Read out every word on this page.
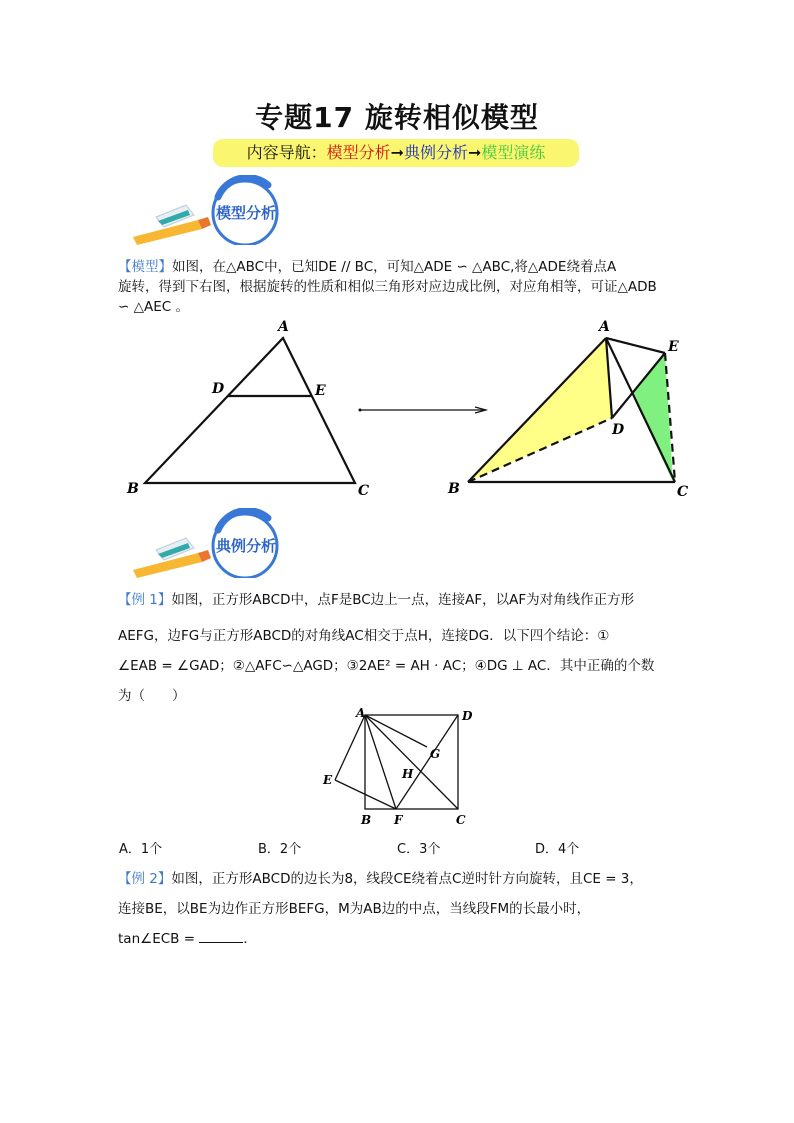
专题17 旋转相似模型
内容导航：模型分析➞典例分析➞模型演练
模型分析
【模型】如图，在△ABC中，已知DE // BC，可知△ADE ∽ △ABC,将△ADE绕着点A
旋转，得到下右图，根据旋转的性质和相似三角形对应边成比例，对应角相等，可证△ADB
∽ △AEC 。
A
D	E
B	C
A
E
D
B	C
典例分析
【例 1】如图，正方形ABCD中，点F是BC边上一点，连接AF，以AF为对角线作正方形
AEFG，边FG与正方形ABCD的对角线AC相交于点H，连接DG．以下四个结论：①
∠EAB = ∠GAD；②△AFC∽△AGD；③2AE² = AH · AC；④DG ⊥ AC．其中正确的个数
为（　　）
A	D
G
H
E
B F	C
A．1个	B．2个	C．3个	D．4个
【例 2】如图，正方形ABCD的边长为8，线段CE绕着点C逆时针方向旋转，且CE = 3，
连接BE，以BE为边作正方形BEFG，M为AB边的中点，当线段FM的长最小时，
tan∠ECB =	．
